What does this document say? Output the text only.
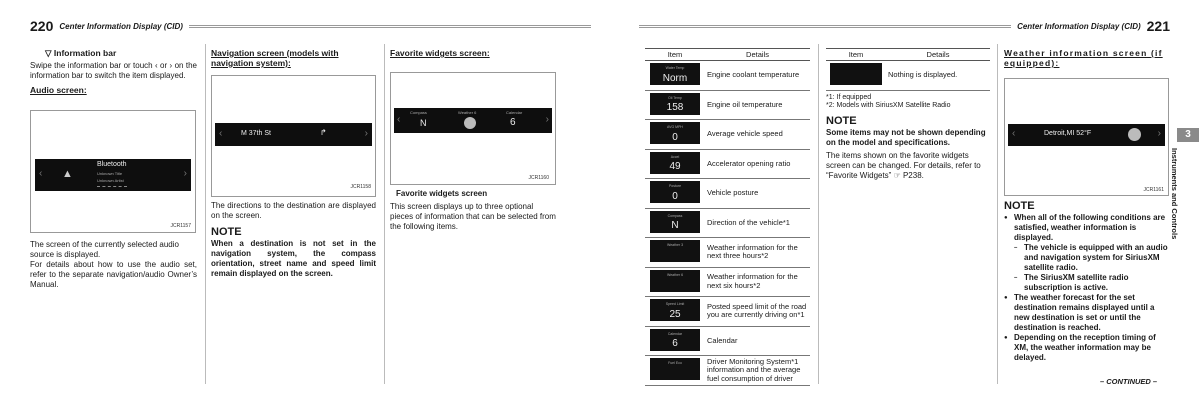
220 Center Information Display (CID)	Center Information Display (CID) 221
▽ Information bar
Swipe the information bar or touch ‹ or › on the information bar to switch the item displayed.
Audio screen:
‹ ▲
Bluetooth
Unknown Title
Unknown Artist
›
JCR1157
The screen of the currently selected audio source is displayed.
For details about how to use the audio set, refer to the separate navigation/audio Owner’s Manual.
Navigation screen (models with navigation system):
‹	M 37th St	↱	›
JCR1158
The directions to the destination are displayed on the screen.
NOTE
When a destination is not set in the navigation system, the compass orientation, street name and speed limit remain displayed on the screen.
Favorite widgets screen:
‹
Compass
N
Weather 6	Calendar
6	›
JCR1160
Favorite widgets screen
This screen displays up to three optional pieces of information that can be selected from the following items.
Item	Details

Water Temp
Norm	Engine coolant temperature

Oil Temp
158	Engine oil temperature

AVG MPH
0	Average vehicle speed

Accel
49	Accelerator opening ratio

Posture
0	Vehicle posture

Compass
N	Direction of the vehicle*1

Weather 3	Weather information for the next three hours*2

Weather 6	Weather information for the next six hours*2

Speed Limit
25	Posted speed limit of the road you are currently driving on*1

Calendar
6	Calendar

Fuel Eco	Driver Monitoring System*1 information and the average fuel consumption of driver
Item	Details
	Nothing is displayed.
*1: If equipped
*2: Models with SiriusXM Satellite Radio
NOTE
Some items may not be shown depending on the model and specifications.
The items shown on the favorite widgets screen can be changed. For details, refer to “Favorite Widgets” ☞ P238.
Weather information screen (if equipped):
‹	Detroit,MI 52°F	›
JCR1161
NOTE
● When all of the following conditions are satisfied, weather information is displayed.
– The vehicle is equipped with an audio and navigation system for SiriusXM satellite radio.
– The SiriusXM satellite radio subscription is active.
● The weather forecast for the set destination remains displayed until a new destination is set or until the destination is reached.
● Depending on the reception timing of XM, the weather information may be delayed.
– CONTINUED –
3
Instruments and Controls
